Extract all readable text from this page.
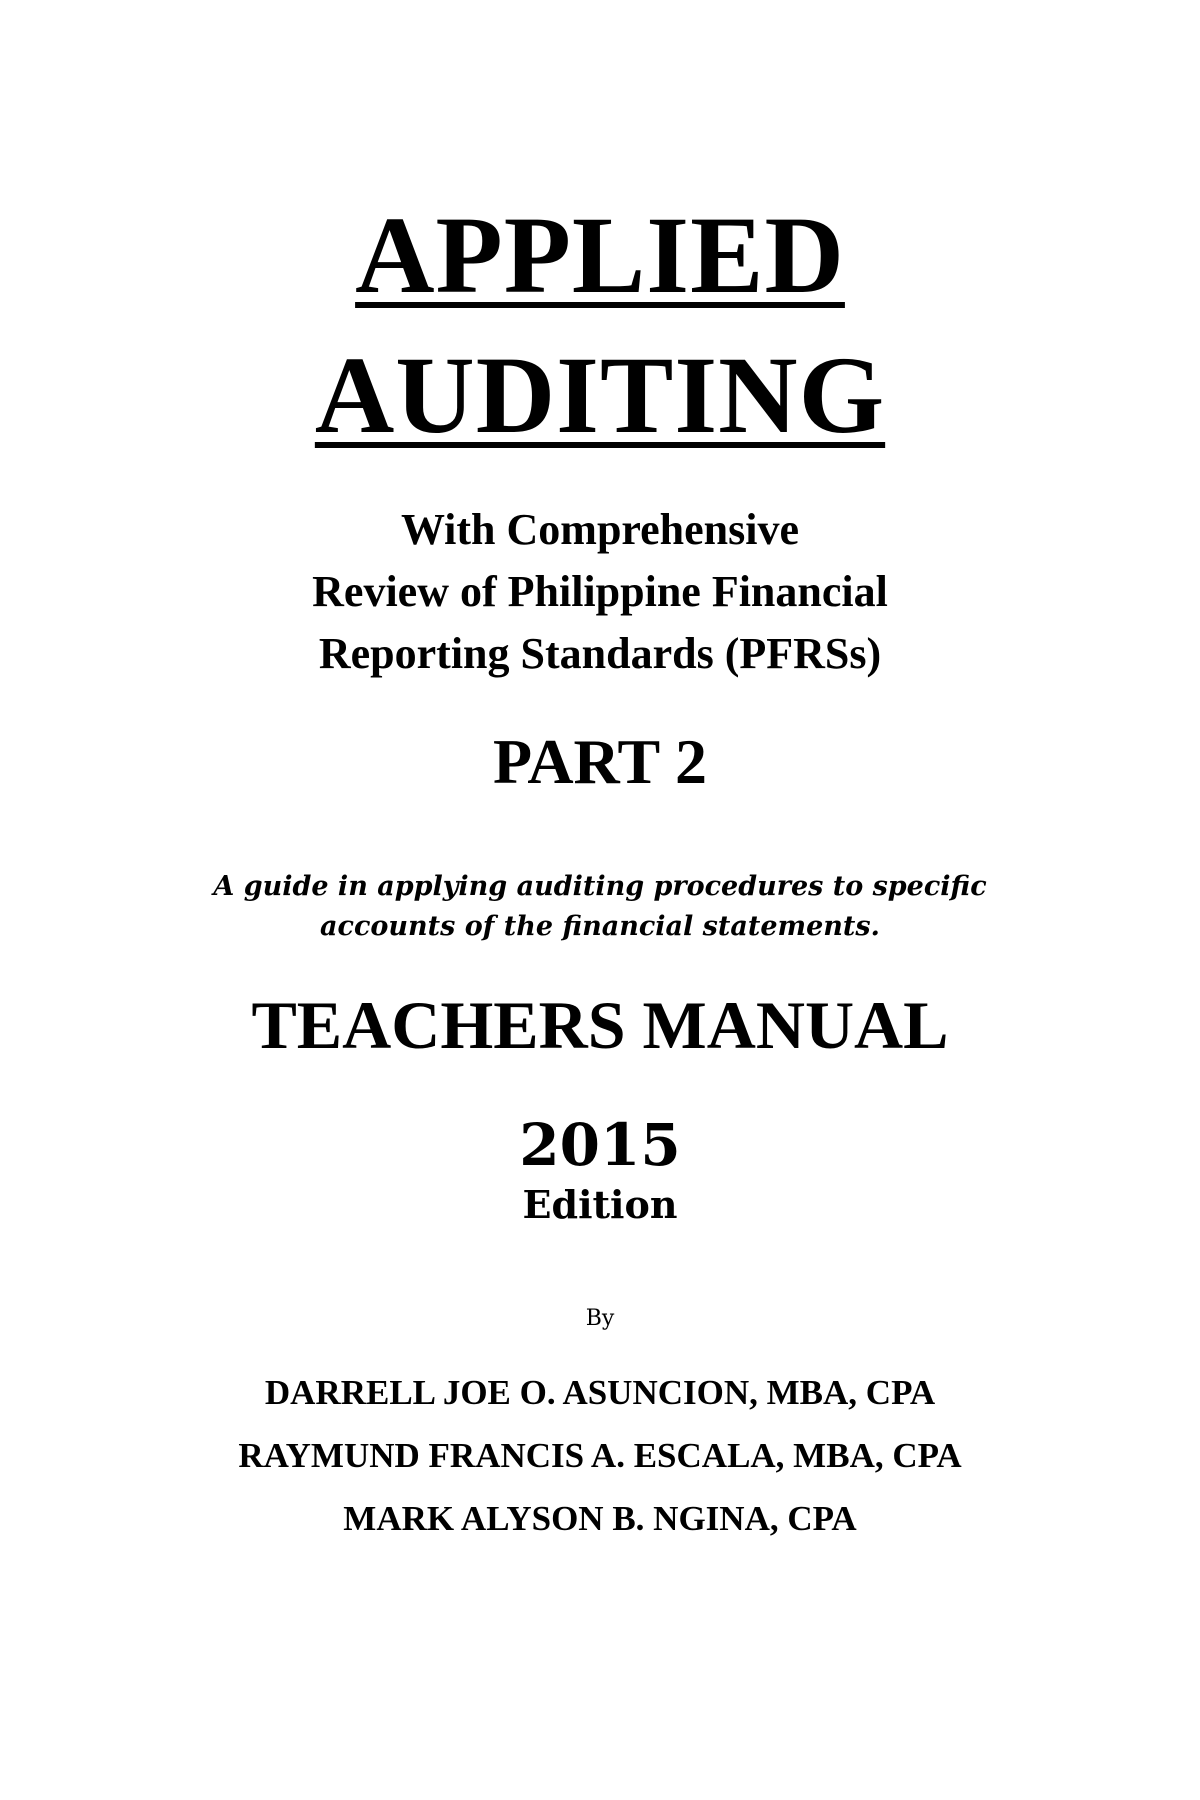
APPLIED
AUDITING
With Comprehensive
Review of Philippine Financial
Reporting Standards (PFRSs)
PART 2
A guide in applying auditing procedures to specific
accounts of the financial statements.
TEACHERS MANUAL
2015
Edition
By
DARRELL JOE O. ASUNCION, MBA, CPA
RAYMUND FRANCIS A. ESCALA, MBA, CPA
MARK ALYSON B. NGINA, CPA
